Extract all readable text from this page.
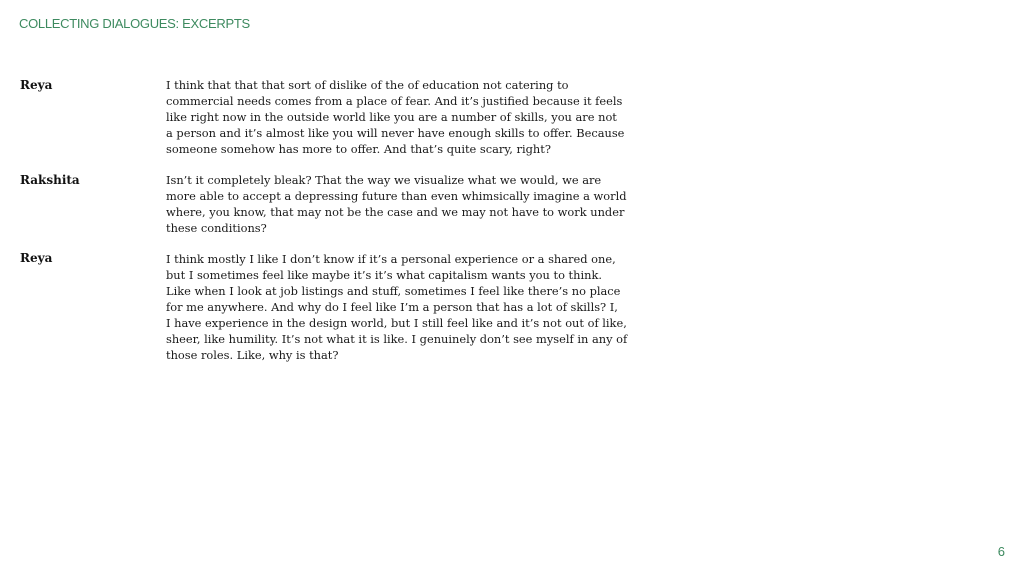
COLLECTING DIALOGUES: EXCERPTS
Reya	I think that that that sort of dislike of the of education not catering to
commercial needs comes from a place of fear. And it’s justified because it feels
like right now in the outside world like you are a number of skills, you are not
a person and it’s almost like you will never have enough skills to offer. Because
someone somehow has more to offer. And that’s quite scary, right?
Rakshita	Isn’t it completely bleak? That the way we visualize what we would, we are
more able to accept a depressing future than even whimsically imagine a world
where, you know, that may not be the case and we may not have to work under
these conditions?
Reya	I think mostly I like I don’t know if it’s a personal experience or a shared one,
but I sometimes feel like maybe it’s it’s what capitalism wants you to think.
Like when I look at job listings and stuff, sometimes I feel like there’s no place
for me anywhere. And why do I feel like I’m a person that has a lot of skills? I,
I have experience in the design world, but I still feel like and it’s not out of like,
sheer, like humility. It’s not what it is like. I genuinely don’t see myself in any of
those roles. Like, why is that?
6
